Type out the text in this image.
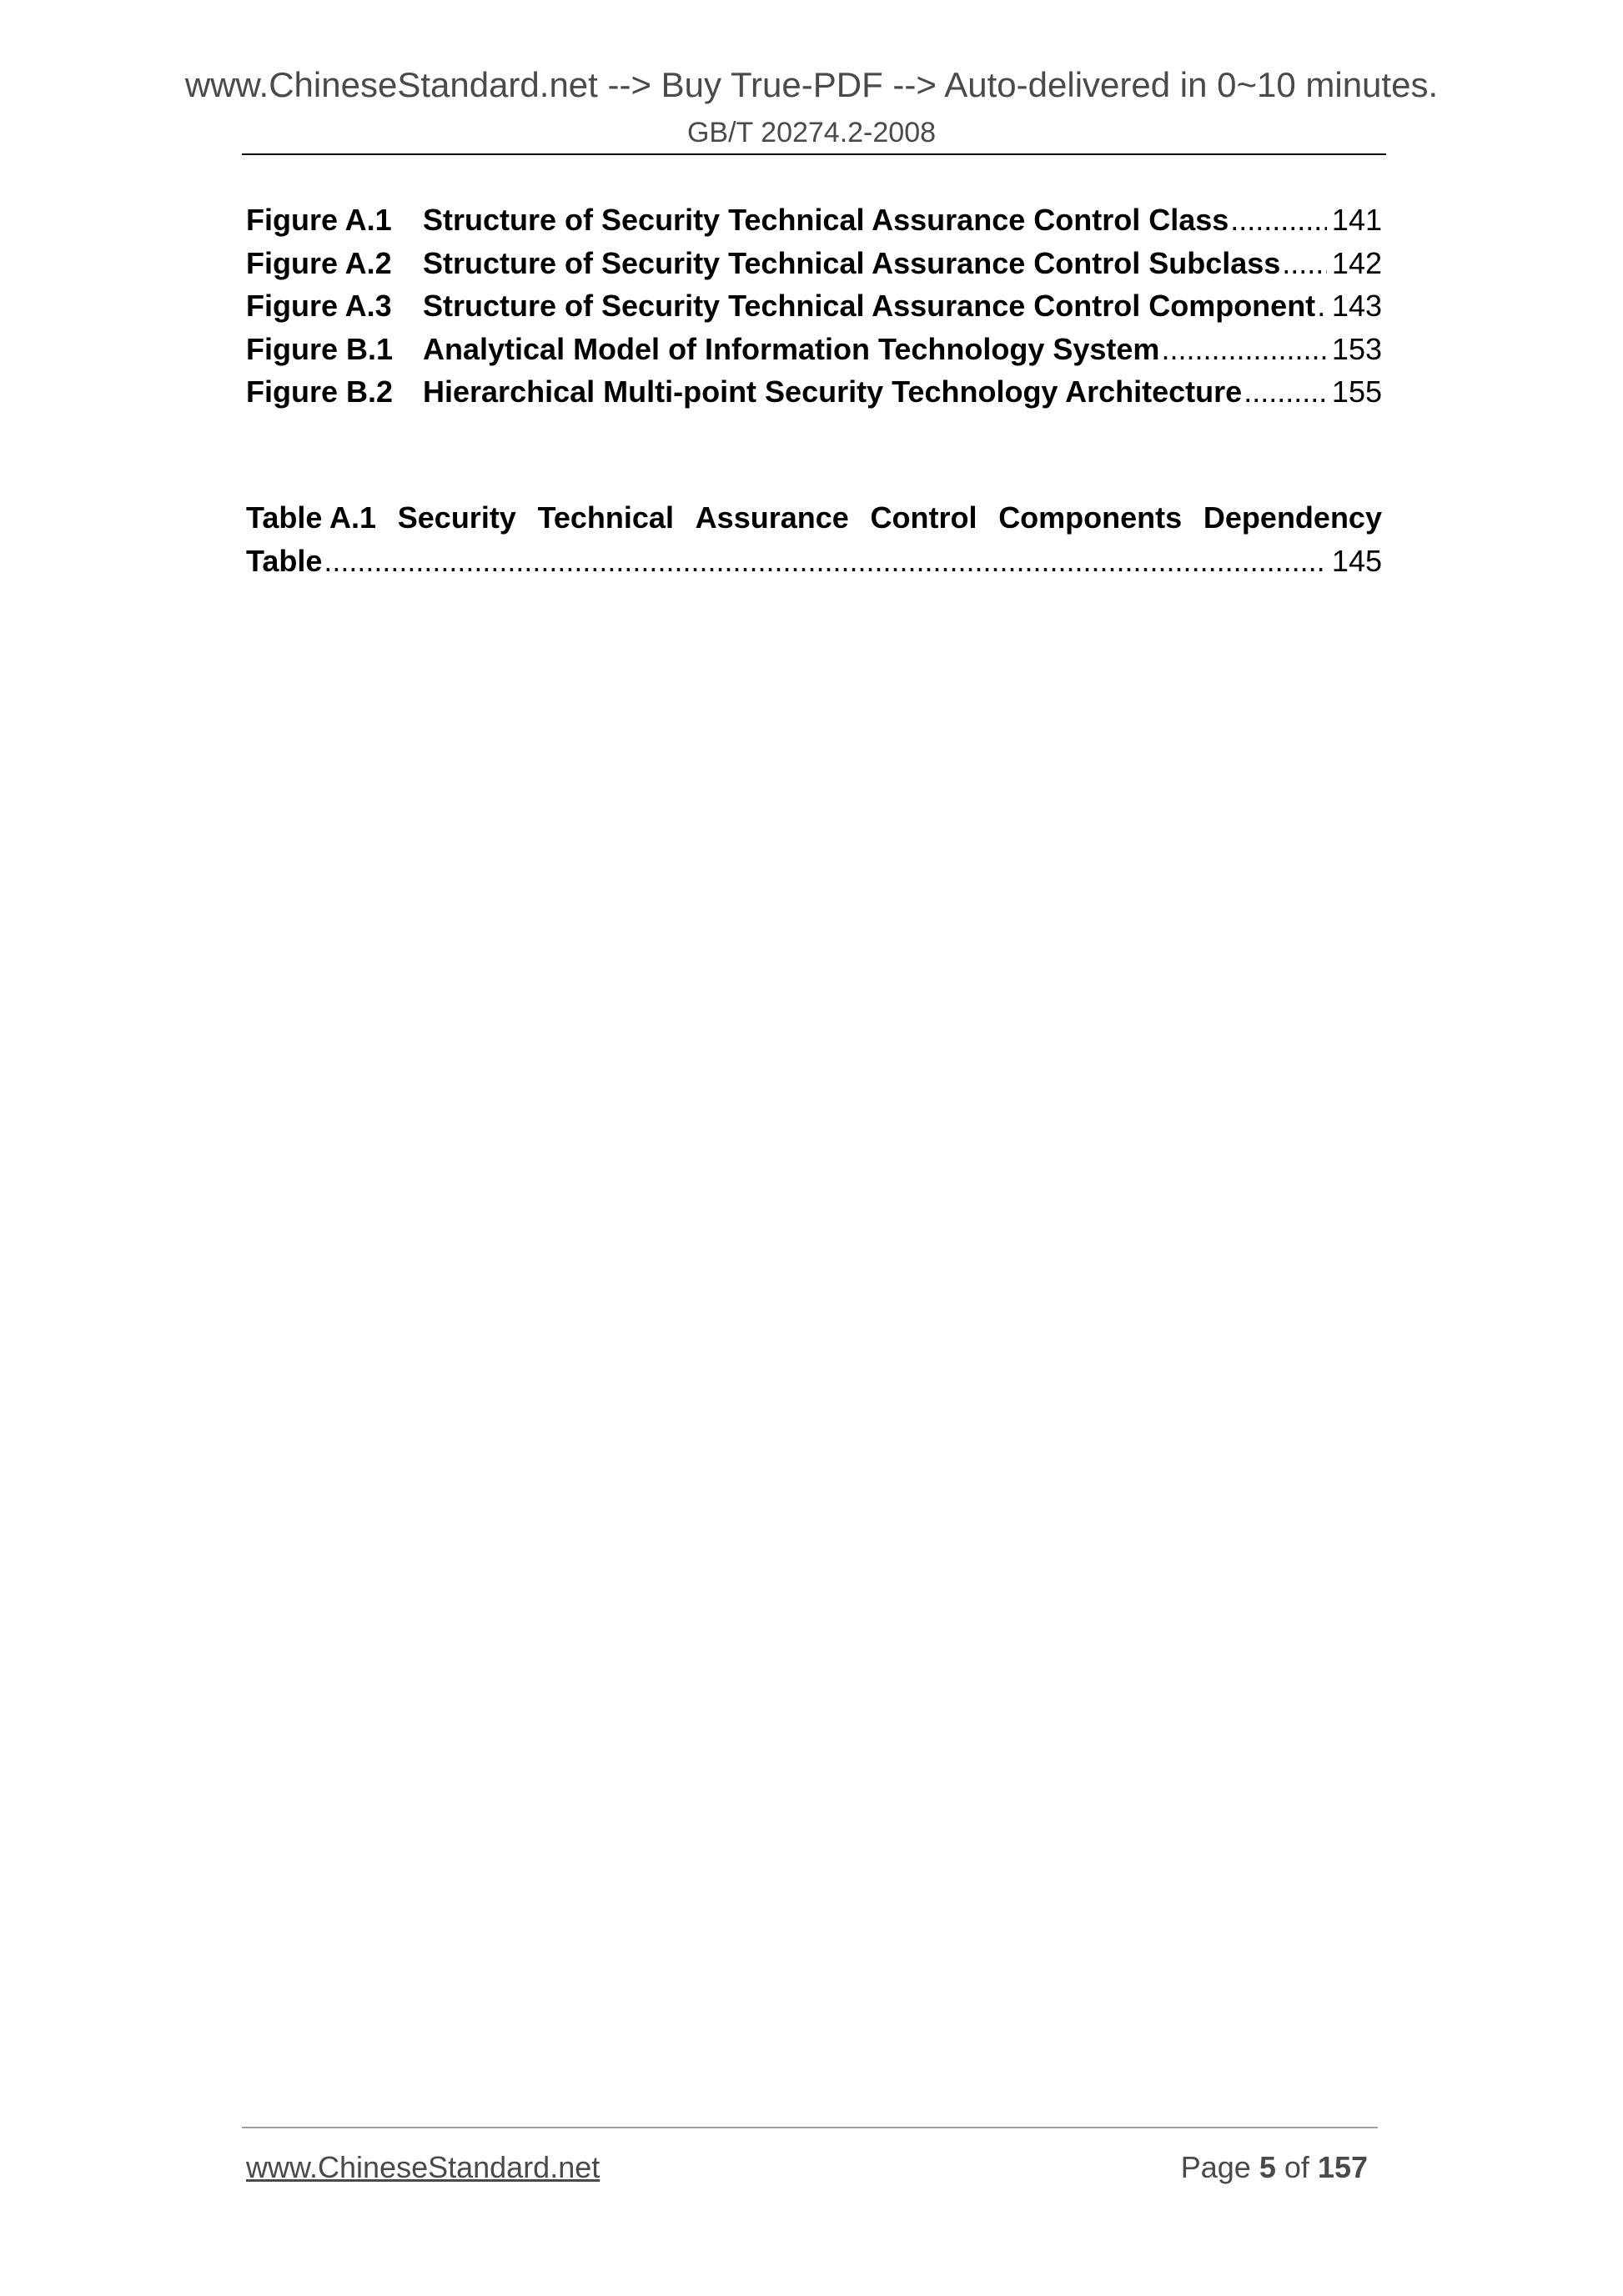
www.ChineseStandard.net --> Buy True-PDF --> Auto-delivered in 0~10 minutes.
GB/T 20274.2-2008
Figure A.1	Structure of Security Technical Assurance Control Class .....	141
Figure A.2	Structure of Security Technical Assurance Control Subclass ..... 142
Figure A.3	Structure of Security Technical Assurance Control Component ..... 143
Figure B.1 Analytical Model of Information Technology System .....	153
Figure B.2 Hierarchical Multi-point Security Technology Architecture .....	155
Table A.1 Security Technical Assurance Control Components Dependency
Table .....	145
www.ChineseStandard.net	Page 5 of 157
